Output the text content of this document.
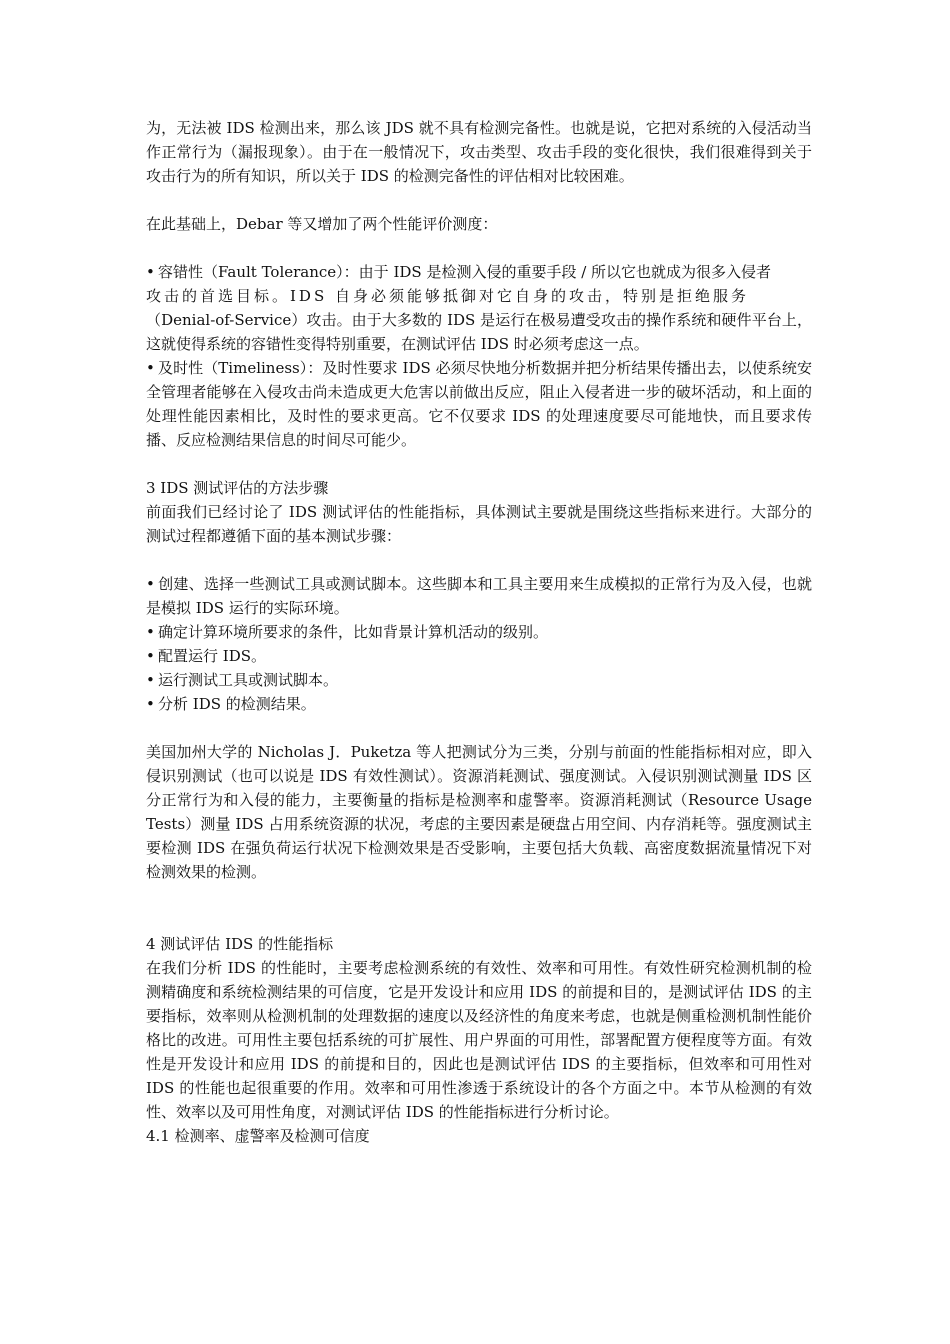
为，无法被 IDS 检测出来，那么该 JDS 就不具有检测完备性。也就是说，它把对系统的入侵活动当作正常行为（漏报现象）。由于在一般情况下，攻击类型、攻击手段的变化很快，我们很难得到关于攻击行为的所有知识，所以关于 IDS 的检测完备性的评估相对比较困难。

在此基础上，Debar 等又增加了两个性能评价测度：

• 容错性（Fault Tolerance）：由于 IDS 是检测入侵的重要手段 / 所以它也就成为很多入侵者

攻击的首选目标。IDS 自身必须能够抵御对它自身的攻击，特别是拒绝服务

（Denial-of-Service）攻击。由于大多数的 IDS 是运行在极易遭受攻击的操作系统和硬件平台上，这就使得系统的容错性变得特别重要，在测试评估 IDS 时必须考虑这一点。

• 及时性（Timeliness）：及时性要求 IDS 必须尽快地分析数据并把分析结果传播出去，以使系统安全管理者能够在入侵攻击尚未造成更大危害以前做出反应，阻止入侵者进一步的破坏活动，和上面的处理性能因素相比，及时性的要求更高。它不仅要求 IDS 的处理速度要尽可能地快，而且要求传播、反应检测结果信息的时间尽可能少。

3 IDS 测试评估的方法步骤

前面我们已经讨论了 IDS 测试评估的性能指标，具体测试主要就是围绕这些指标来进行。大部分的测试过程都遵循下面的基本测试步骤：

• 创建、选择一些测试工具或测试脚本。这些脚本和工具主要用来生成模拟的正常行为及入侵，也就是模拟 IDS 运行的实际环境。

• 确定计算环境所要求的条件，比如背景计算机活动的级别。

• 配置运行 IDS。

• 运行测试工具或测试脚本。

• 分析 IDS 的检测结果。

美国加州大学的 Nicholas J．Puketza 等人把测试分为三类，分别与前面的性能指标相对应，即入侵识别测试（也可以说是 IDS 有效性测试）。资源消耗测试、强度测试。入侵识别测试测量 IDS 区分正常行为和入侵的能力，主要衡量的指标是检测率和虚警率。资源消耗测试（Resource Usage Tests）测量 IDS 占用系统资源的状况，考虑的主要因素是硬盘占用空间、内存消耗等。强度测试主要检测 IDS 在强负荷运行状况下检测效果是否受影响，主要包括大负载、高密度数据流量情况下对检测效果的检测。

4 测试评估 IDS 的性能指标

在我们分析 IDS 的性能时，主要考虑检测系统的有效性、效率和可用性。有效性研究检测机制的检测精确度和系统检测结果的可信度，它是开发设计和应用 IDS 的前提和目的，是测试评估 IDS 的主要指标，效率则从检测机制的处理数据的速度以及经济性的角度来考虑，也就是侧重检测机制性能价格比的改进。可用性主要包括系统的可扩展性、用户界面的可用性，部署配置方便程度等方面。有效性是开发设计和应用 IDS 的前提和目的，因此也是测试评估 IDS 的主要指标，但效率和可用性对 IDS 的性能也起很重要的作用。效率和可用性渗透于系统设计的各个方面之中。本节从检测的有效性、效率以及可用性角度，对测试评估 IDS 的性能指标进行分析讨论。

4.1 检测率、虚警率及检测可信度
